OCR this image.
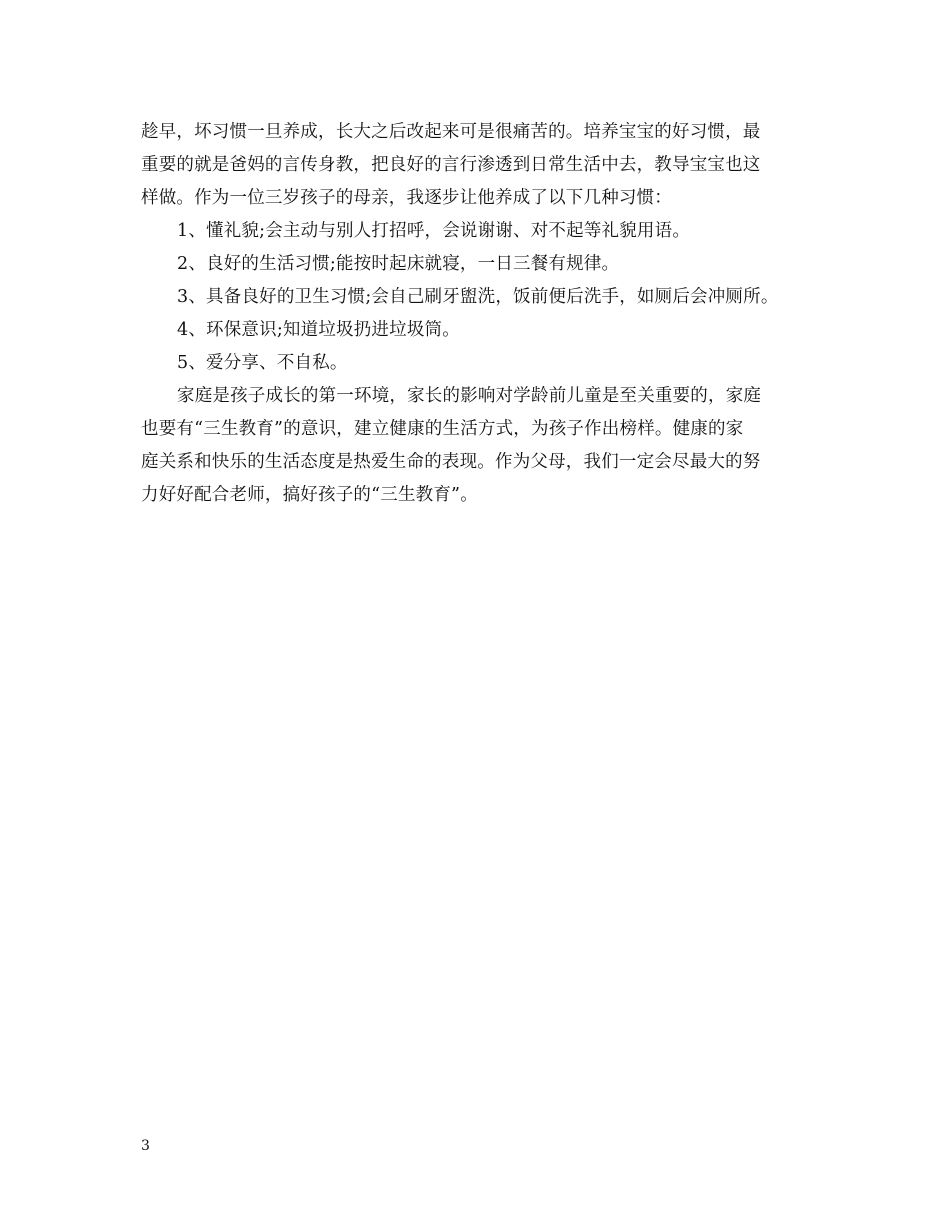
趁早，坏习惯一旦养成，长大之后改起来可是很痛苦的。培养宝宝的好习惯，最
重要的就是爸妈的言传身教，把良好的言行渗透到日常生活中去，教导宝宝也这
样做。作为一位三岁孩子的母亲，我逐步让他养成了以下几种习惯：
1、懂礼貌;会主动与别人打招呼，会说谢谢、对不起等礼貌用语。
2、良好的生活习惯;能按时起床就寝，一日三餐有规律。
3、具备良好的卫生习惯;会自己刷牙盥洗，饭前便后洗手，如厕后会冲厕所。
4、环保意识;知道垃圾扔进垃圾筒。
5、爱分享、不自私。
家庭是孩子成长的第一环境，家长的影响对学龄前儿童是至关重要的，家庭
也要有“三生教育”的意识，建立健康的生活方式，为孩子作出榜样。健康的家
庭关系和快乐的生活态度是热爱生命的表现。作为父母，我们一定会尽最大的努
力好好配合老师，搞好孩子的“三生教育”。
3
